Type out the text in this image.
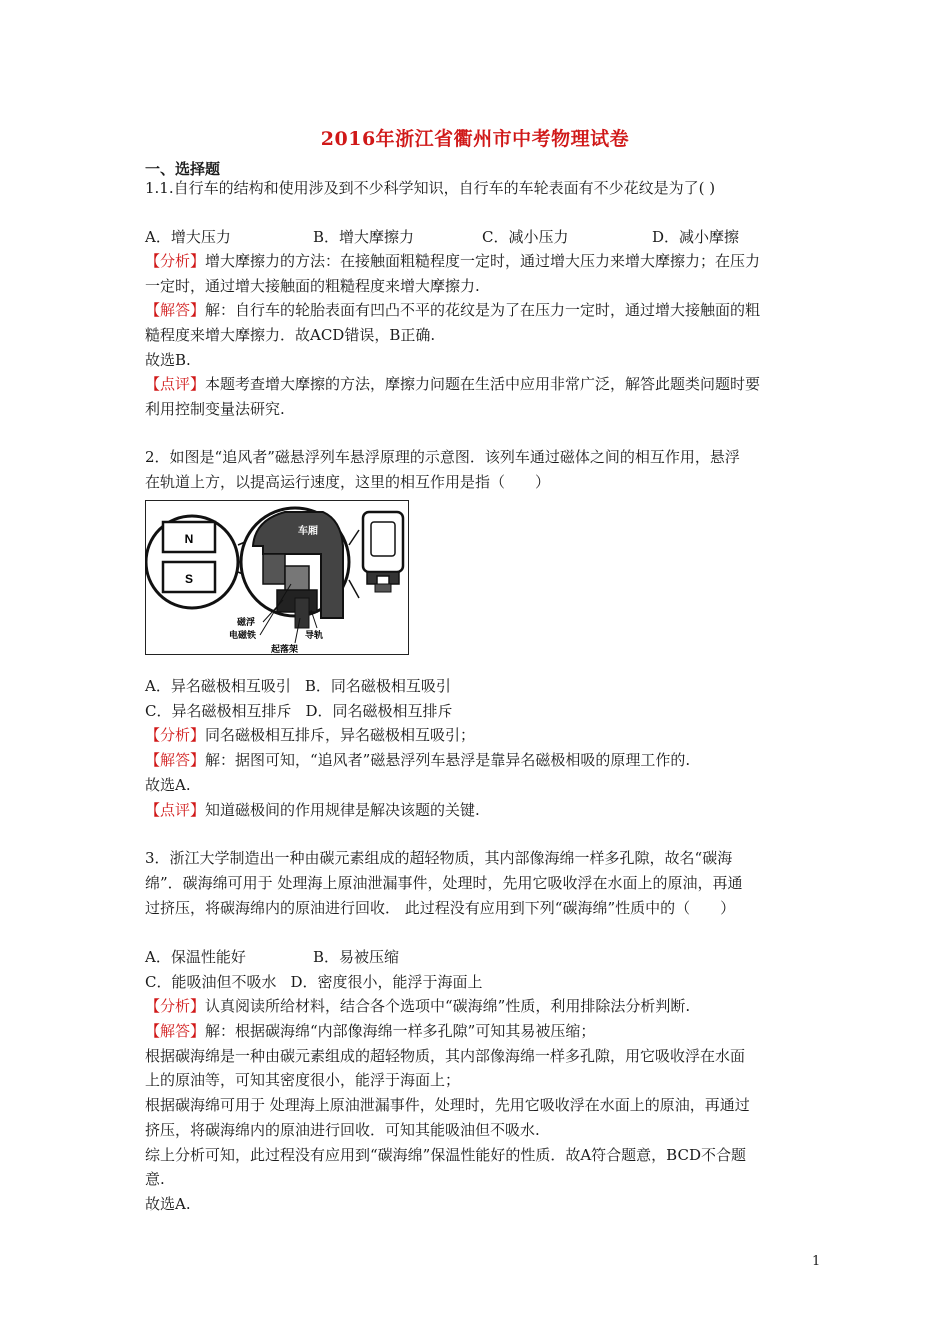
2016年浙江省衢州市中考物理试卷
一、选择题
1.1.自行车的结构和使用涉及到不少科学知识，自行车的车轮表面有不少花纹是为了( )
A．增大压力	B．增大摩擦力	C．减小压力	D．减小摩擦
【分析】增大摩擦力的方法：在接触面粗糙程度一定时，通过增大压力来增大摩擦力；在压力
一定时，通过增大接触面的粗糙程度来增大摩擦力.
【解答】解：自行车的轮胎表面有凹凸不平的花纹是为了在压力一定时，通过增大接触面的粗
糙程度来增大摩擦力．故ACD错误，B正确.
故选B.
【点评】本题考查增大摩擦的方法，摩擦力问题在生活中应用非常广泛，解答此题类问题时要
利用控制变量法研究.
2．如图是“追风者”磁悬浮列车悬浮原理的示意图．该列车通过磁体之间的相互作用，悬浮
在轨道上方，以提高运行速度，这里的相互作用是指（　　）
N
S
车厢
磁浮
电磁铁
起落架
导轨
A．异名磁极相互吸引 B．同名磁极相互吸引
C．异名磁极相互排斥 D．同名磁极相互排斥
【分析】同名磁极相互排斥，异名磁极相互吸引；
【解答】解：据图可知，“追风者”磁悬浮列车悬浮是靠异名磁极相吸的原理工作的.
故选A.
【点评】知道磁极间的作用规律是解决该题的关键.
3．浙江大学制造出一种由碳元素组成的超轻物质，其内部像海绵一样多孔隙，故名“碳海
绵”．碳海绵可用于 处理海上原油泄漏事件，处理时，先用它吸收浮在水面上的原油，再通
过挤压，将碳海绵内的原油进行回收． 此过程没有应用到下列“碳海绵”性质中的（　　）
A．保温性能好	B．易被压缩
C．能吸油但不吸水 D．密度很小，能浮于海面上
【分析】认真阅读所给材料，结合各个选项中“碳海绵”性质，利用排除法分析判断.
【解答】解：根据碳海绵“内部像海绵一样多孔隙”可知其易被压缩；
根据碳海绵是一种由碳元素组成的超轻物质，其内部像海绵一样多孔隙，用它吸收浮在水面
上的原油等，可知其密度很小，能浮于海面上；
根据碳海绵可用于 处理海上原油泄漏事件，处理时，先用它吸收浮在水面上的原油，再通过
挤压，将碳海绵内的原油进行回收．可知其能吸油但不吸水.
综上分析可知，此过程没有应用到“碳海绵”保温性能好的性质．故A符合题意，BCD不合题
意.
故选A.
1
